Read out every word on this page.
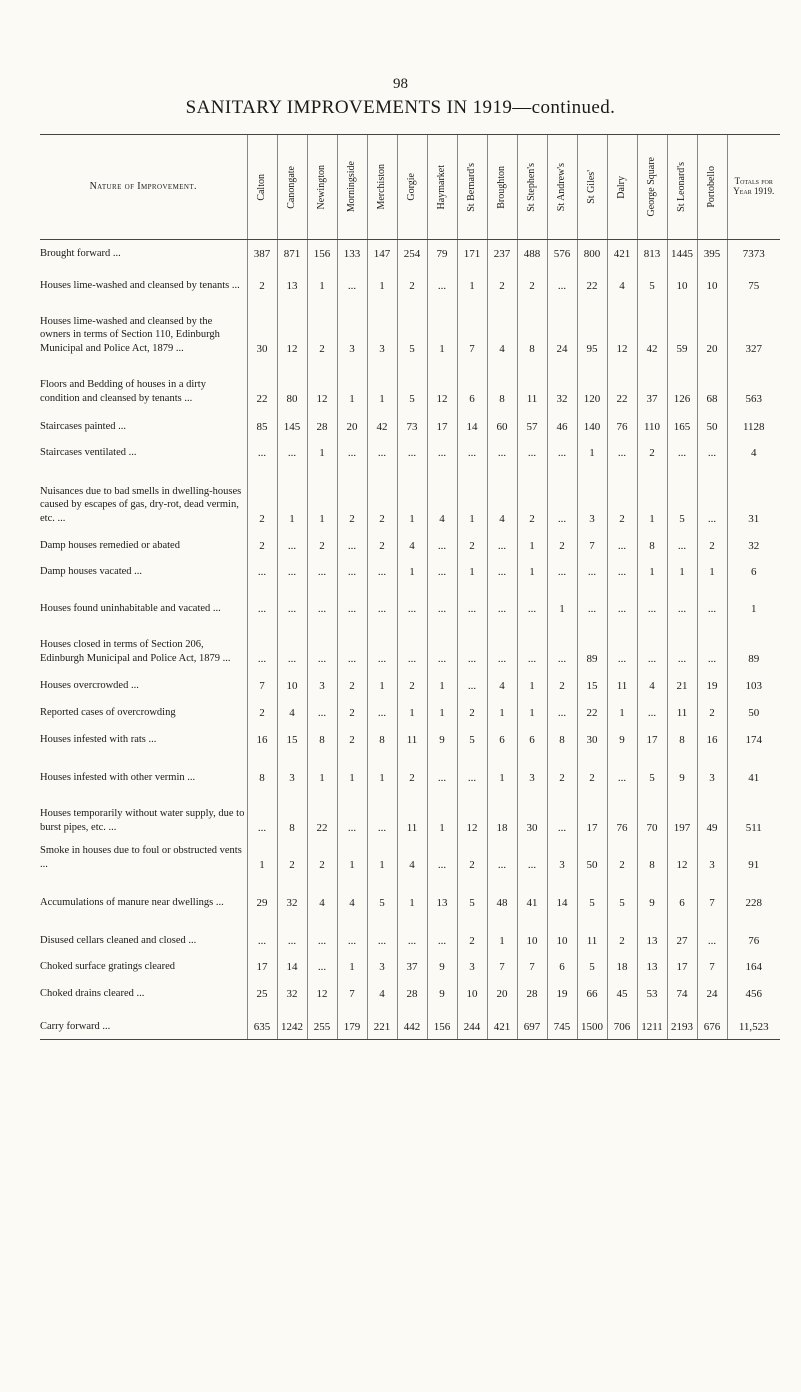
98
SANITARY IMPROVEMENTS IN 1919—continued.
Nature of Improvement.	Calton	Canongate	Newington	Morningside	Merchiston	Gorgie	Haymarket	St Bernard's	Broughton	St Stephen's	St Andrew's	St Giles'	Dalry	George Square	St Leonard's	Portobello	Totals for Year 1919.
Brought forward ...	387	871	156	133	147	254	79	171	237	488	576	800	421	813	1445	395	7373
Houses lime-washed and cleansed by tenants ...	2	13	1	...	1	2	...	1	2	2	...	22	4	5	10	10	75
Houses lime-washed and cleansed by the owners in terms of Section 110, Edinburgh Municipal and Police Act, 1879 ...	30	12	2	3	3	5	1	7	4	8	24	95	12	42	59	20	327
Floors and Bedding of houses in a dirty condition and cleansed by tenants ...	22	80	12	1	1	5	12	6	8	11	32	120	22	37	126	68	563
Staircases painted ...	85	145	28	20	42	73	17	14	60	57	46	140	76	110	165	50	1128
Staircases ventilated ...	...	...	1	...	...	...	...	...	...	...	...	1	...	2	...	...	4
Nuisances due to bad smells in dwelling-houses caused by escapes of gas, dry-rot, dead vermin, etc. ...	2	1	1	2	2	1	4	1	4	2	...	3	2	1	5	...	31
Damp houses remedied or abated	2	...	2	...	2	4	...	2	...	1	2	7	...	8	...	2	32
Damp houses vacated ...	...	...	...	...	...	1	...	1	...	1	...	...	...	1	1	1	6
Houses found uninhabitable and vacated ...	...	...	...	...	...	...	...	...	...	...	1	...	...	...	...	...	1
Houses closed in terms of Section 206, Edinburgh Municipal and Police Act, 1879 ...	...	...	...	...	...	...	...	...	...	...	...	89	...	...	...	...	89
Houses overcrowded ...	7	10	3	2	1	2	1	...	4	1	2	15	11	4	21	19	103
Reported cases of overcrowding	2	4	...	2	...	1	1	2	1	1	...	22	1	...	11	2	50
Houses infested with rats ...	16	15	8	2	8	11	9	5	6	6	8	30	9	17	8	16	174
Houses infested with other vermin ...	8	3	1	1	1	2	...	...	1	3	2	2	...	5	9	3	41
Houses temporarily without water supply, due to burst pipes, etc. ...	...	8	22	...	...	11	1	12	18	30	...	17	76	70	197	49	511
Smoke in houses due to foul or obstructed vents ...	1	2	2	1	1	4	...	2	...	...	3	50	2	8	12	3	91
Accumulations of manure near dwellings ...	29	32	4	4	5	1	13	5	48	41	14	5	5	9	6	7	228
Disused cellars cleaned and closed ...	...	...	...	...	...	...	...	2	1	10	10	11	2	13	27	...	76
Choked surface gratings cleared	17	14	...	1	3	37	9	3	7	7	6	5	18	13	17	7	164
Choked drains cleared ...	25	32	12	7	4	28	9	10	20	28	19	66	45	53	74	24	456
Carry forward ...	635	1242	255	179	221	442	156	244	421	697	745	1500	706	1211	2193	676	11,523
